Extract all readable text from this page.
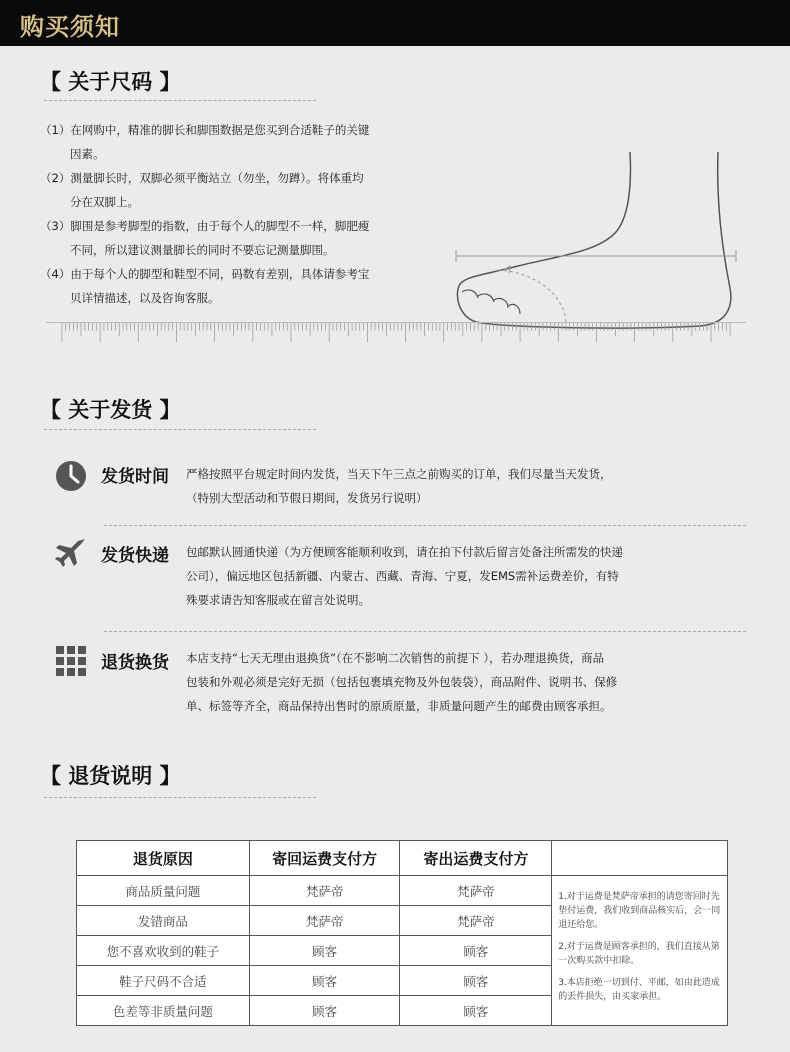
购买须知
【 关于尺码 】
（1）在网购中，精准的脚长和脚围数据是您买到合适鞋子的关键
因素。
（2）测量脚长时，双脚必须平衡站立（勿坐，勿蹲）。将体重均
分在双脚上。
（3）脚围是参考脚型的指数，由于每个人的脚型不一样，脚肥瘦
不同，所以建议测量脚长的同时不要忘记测量脚围。
（4）由于每个人的脚型和鞋型不同，码数有差别，具体请参考宝
贝详情描述，以及咨询客服。
【 关于发货 】
发货时间 严格按照平台规定时间内发货，当天下午三点之前购买的订单，我们尽量当天发货，
（特别大型活动和节假日期间，发货另行说明）
发货快递 包邮默认圆通快递（为方便顾客能顺利收到，请在拍下付款后留言处备注所需发的快递
公司），偏远地区包括新疆、内蒙古、西藏、青海、宁夏，发EMS需补运费差价，有特
殊要求请告知客服或在留言处说明。
退货换货 本店支持“七天无理由退换货”（在不影响二次销售的前提下 ），若办理退换货，商品
包装和外观必须是完好无损（包括包裹填充物及外包装袋），商品附件、说明书、保修
单、标签等齐全，商品保持出售时的原质原量，非质量问题产生的邮费由顾客承担。
【 退货说明 】
退货原因	寄回运费支付方	寄出运费支付方	
商品质量问题	梵萨帝	梵萨帝	1.对于运费是梵萨帝承担的请您寄回时先垫付运费，我们收到商品核实后，会一同退还给您。

2.对于运费是顾客承担的，我们直接从第一次购买款中扣除。

3.本店拒绝一切到付、平邮，如由此造成的丢件损失，由买家承担。

发错商品	梵萨帝	梵萨帝	
您不喜欢收到的鞋子	顾客	顾客	
鞋子尺码不合适	顾客	顾客	
色差等非质量问题	顾客	顾客	
